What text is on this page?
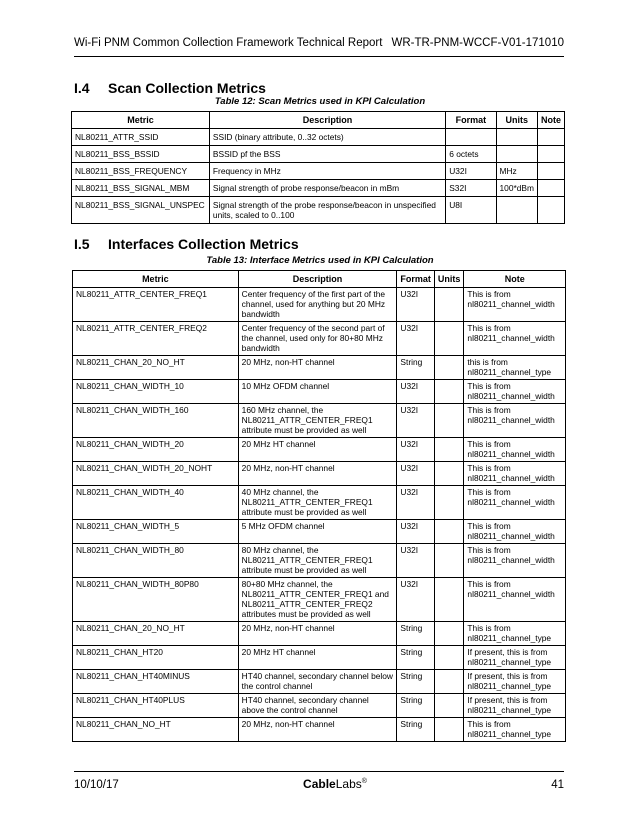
Wi-Fi PNM Common Collection Framework Technical Report WR-TR-PNM-WCCF-V01-171010
I.4 Scan Collection Metrics
Table 12: Scan Metrics used in KPI Calculation
Metric	Description	Format	Units	Note
NL80211_ATTR_SSID	SSID (binary attribute, 0..32 octets)			
NL80211_BSS_BSSID	BSSID pf the BSS	6 octets		
NL80211_BSS_FREQUENCY	Frequency in MHz	U32I	MHz	
NL80211_BSS_SIGNAL_MBM	Signal strength of probe response/beacon in mBm	S32I	100*dBm	
NL80211_BSS_SIGNAL_UNSPEC	Signal strength of the probe response/beacon in unspecified units, scaled to 0..100	U8I		
I.5 Interfaces Collection Metrics
Table 13: Interface Metrics used in KPI Calculation
Metric	Description	Format	Units	Note
NL80211_ATTR_CENTER_FREQ1	Center frequency of the first part of the channel, used for anything but 20 MHz bandwidth	U32I		This is from nl80211_channel_width
NL80211_ATTR_CENTER_FREQ2	Center frequency of the second part of the channel, used only for 80+80 MHz bandwidth	U32I		This is from nl80211_channel_width
NL80211_CHAN_20_NO_HT	20 MHz, non-HT channel	String		this is from nl80211_channel_type
NL80211_CHAN_WIDTH_10	10 MHz OFDM channel	U32I		This is from nl80211_channel_width
NL80211_CHAN_WIDTH_160	160 MHz channel, the NL80211_ATTR_CENTER_FREQ1 attribute must be provided as well	U32I		This is from nl80211_channel_width
NL80211_CHAN_WIDTH_20	20 MHz HT channel	U32I		This is from nl80211_channel_width
NL80211_CHAN_WIDTH_20_NOHT	20 MHz, non-HT channel	U32I		This is from nl80211_channel_width
NL80211_CHAN_WIDTH_40	40 MHz channel, the NL80211_ATTR_CENTER_FREQ1 attribute must be provided as well	U32I		This is from nl80211_channel_width
NL80211_CHAN_WIDTH_5	5 MHz OFDM channel	U32I		This is from nl80211_channel_width
NL80211_CHAN_WIDTH_80	80 MHz channel, the NL80211_ATTR_CENTER_FREQ1 attribute must be provided as well	U32I		This is from nl80211_channel_width
NL80211_CHAN_WIDTH_80P80	80+80 MHz channel, the NL80211_ATTR_CENTER_FREQ1 and NL80211_ATTR_CENTER_FREQ2 attributes must be provided as well	U32I		This is from nl80211_channel_width
NL80211_CHAN_20_NO_HT	20 MHz, non-HT channel	String		This is from nl80211_channel_type
NL80211_CHAN_HT20	20 MHz HT channel	String		If present, this is from nl80211_channel_type
NL80211_CHAN_HT40MINUS	HT40 channel, secondary channel below the control channel	String		If present, this is from nl80211_channel_type
NL80211_CHAN_HT40PLUS	HT40 channel, secondary channel above the control channel	String		If present, this is from nl80211_channel_type
NL80211_CHAN_NO_HT	20 MHz, non-HT channel	String		This is from nl80211_channel_type
10/10/17	CableLabs®	41
